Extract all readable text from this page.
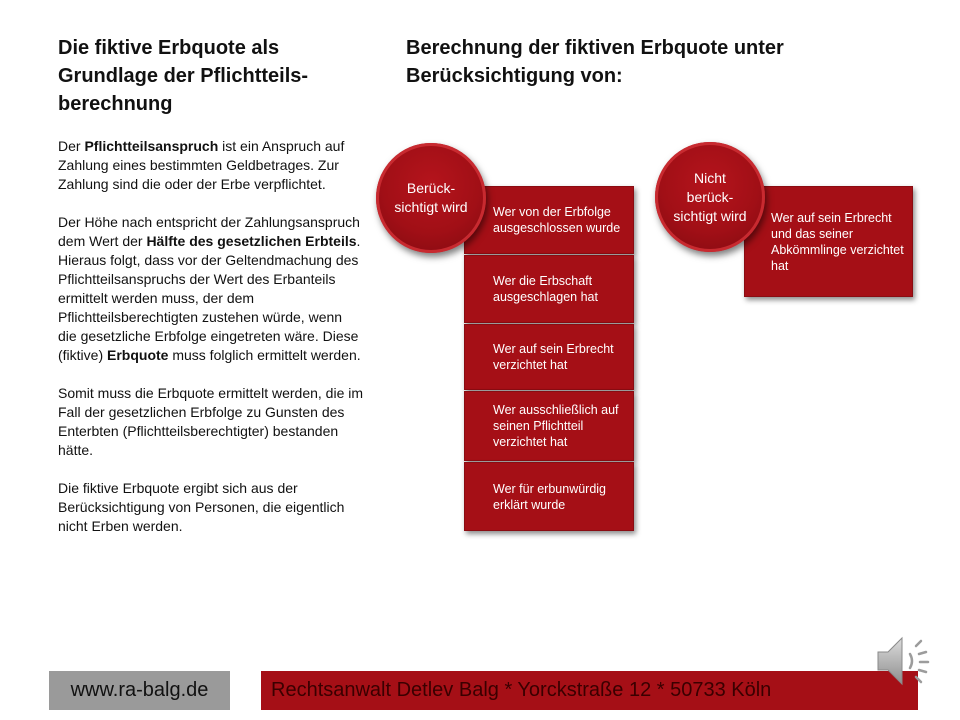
Die fiktive Erbquote als Grundlage der Pflichtteils-berechnung

Der Pflichtteilsanspruch ist ein Anspruch auf Zahlung eines bestimmten Geldbetrages. Zur Zahlung sind die oder der Erbe verpflichtet.

Der Höhe nach entspricht der Zahlungsanspruch dem Wert der Hälfte des gesetzlichen Erbteils. Hieraus folgt, dass vor der Geltendmachung des Pflichtteilsanspruchs der Wert des Erbanteils ermittelt werden muss, der dem Pflichtteilsberechtigten zustehen würde, wenn die gesetzliche Erbfolge eingetreten wäre. Diese (fiktive) Erbquote muss folglich ermittelt werden.

Somit muss die Erbquote ermittelt werden, die im Fall der gesetzlichen Erbfolge zu Gunsten des Enterbten (Pflichtteilsberechtigter) bestanden hätte.

Die fiktive Erbquote ergibt sich aus der Berücksichtigung von Personen, die eigentlich nicht Erben werden.

Berechnung der fiktiven Erbquote unter Berücksichtigung von:
Wer von der Erbfolge ausgeschlossen wurde
Wer die Erbschaft ausgeschlagen hat
Wer auf sein Erbrecht verzichtet hat
Wer ausschließlich auf seinen Pflichtteil verzichtet hat
Wer für erbunwürdig erklärt wurde
Berück-sichtigt wird
Wer auf sein Erbrecht und das seiner Abkömmlinge verzichtet hat
Nicht berück-sichtigt wird
www.ra-balg.de	Rechtsanwalt Detlev Balg * Yorckstraße 12 * 50733 Köln
